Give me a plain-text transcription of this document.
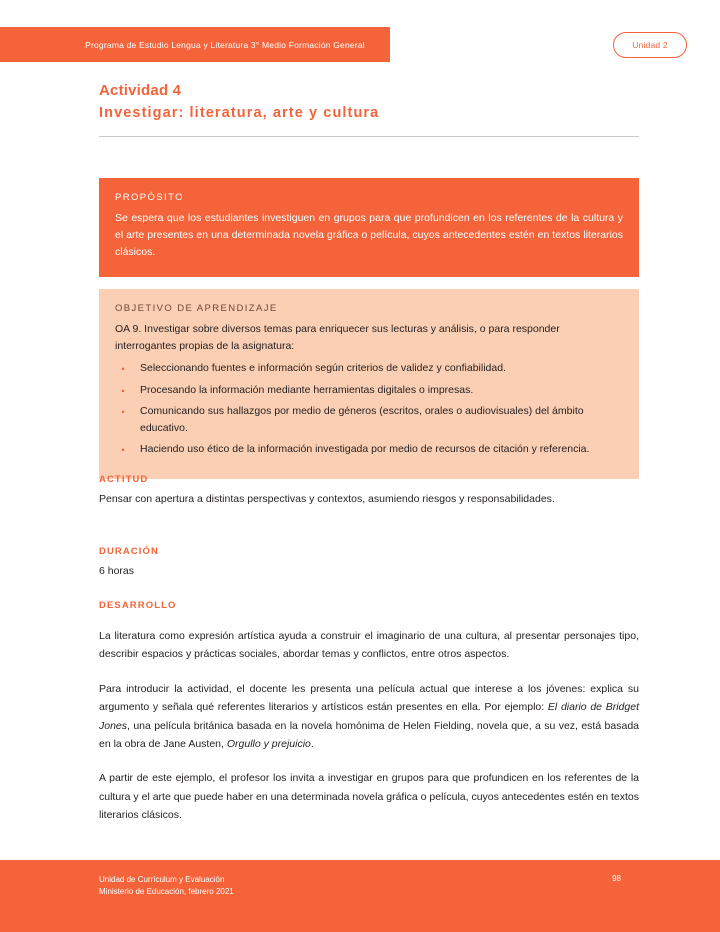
Programa de Estudio Lengua y Literatura 3° Medio Formación General	Unidad 2
Actividad 4
Investigar: literatura, arte y cultura
PROPÓSITO
Se espera que los estudiantes investiguen en grupos para que profundicen en los referentes de la cultura y el arte presentes en una determinada novela gráfica o película, cuyos antecedentes estén en textos literarios clásicos.
OBJETIVO DE APRENDIZAJE
OA 9. Investigar sobre diversos temas para enriquecer sus lecturas y análisis, o para responder interrogantes propias de la asignatura:
· Seleccionando fuentes e información según criterios de validez y confiabilidad.
· Procesando la información mediante herramientas digitales o impresas.
· Comunicando sus hallazgos por medio de géneros (escritos, orales o audiovisuales) del ámbito educativo.
· Haciendo uso ético de la información investigada por medio de recursos de citación y referencia.
ACTITUD
Pensar con apertura a distintas perspectivas y contextos, asumiendo riesgos y responsabilidades.
DURACIÓN
6 horas
DESARROLLO

La literatura como expresión artística ayuda a construir el imaginario de una cultura, al presentar personajes tipo, describir espacios y prácticas sociales, abordar temas y conflictos, entre otros aspectos.

Para introducir la actividad, el docente les presenta una película actual que interese a los jóvenes: explica su argumento y señala qué referentes literarios y artísticos están presentes en ella. Por ejemplo: El diario de Bridget Jones, una película británica basada en la novela homónima de Helen Fielding, novela que, a su vez, está basada en la obra de Jane Austen, Orgullo y prejuicio.

A partir de este ejemplo, el profesor los invita a investigar en grupos para que profundicen en los referentes de la cultura y el arte que puede haber en una determinada novela gráfica o película, cuyos antecedentes estén en textos literarios clásicos.

Unidad de Currículum y Evaluación
Ministerio de Educación, febrero 2021
98
